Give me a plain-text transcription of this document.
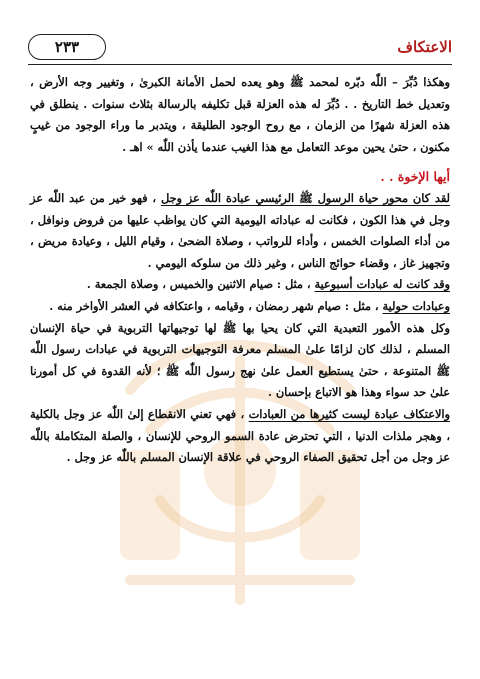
الاعتكاف
٢٣٣

وهكذا دُبِّرَ – اللّٰه دبّره لمحمد ﷺ وهو يعده لحمل الأمانة الكبرىٰ ، وتغيير وجه الأرض ، وتعديل خط التاريخ . . دُبِّرَ له هذه العزلة قبل تكليفه بالرسالة بثلاث سنوات . ينطلق في هذه العزلة شهرًا من الزمان ، مع روح الوجود الطليقة ، ويتدبر ما وراء الوجود من غيبٍ مكنون ، حتىٰ يحين موعد التعامل مع هذا الغيب عندما يأذن اللّٰه » اهـ .

أيها الإخوة . .

لقد كان محور حياة الرسول ﷺ الرئيسي عبادة اللّٰه عز وجل ، فهو خير من عبد اللّٰه عز وجل في هذا الكون ، فكانت له عباداته اليومية التي كان يواظب عليها من فروض ونوافل ، من أداء الصلوات الخمس ، وأداء للرواتب ، وصلاة الضحىٰ ، وقيام الليل ، وعيادة مريض ، وتجهيز غاز ، وقضاء حوائج الناس ، وغير ذلك من سلوكه اليومي .

وقد كانت له عبادات أسبوعية ، مثل : صيام الاثنين والخميس ، وصلاة الجمعة .

وعبادات حولية ، مثل : صيام شهر رمضان ، وقيامه ، واعتكافه في العشر الأواخر منه .

وكل هذه الأمور التعبدية التي كان يحيا بها ﷺ لها توجيهاتها التربوية في حياة الإنسان المسلم ، لذلك كان لزامًا علىٰ المسلم معرفة التوجيهات التربوية في عبادات رسول اللّٰه ﷺ المتنوعة ، حتىٰ يستطيع العمل علىٰ نهج رسول اللّٰه ﷺ ؛ لأنه القدوة في كل أمورنا علىٰ حد سواء وهذا هو الاتباع بإحسان .

والاعتكاف عبادة ليست كثيرها من العبادات ، فهي تعني الانقطاع إلىٰ اللّٰه عز وجل بالكلية ، وهجر ملذات الدنيا ، التي تحترض عادة السمو الروحي للإنسان ، والصلة المتكاملة باللّٰه عز وجل من أجل تحقيق الصفاء الروحي في علاقة الإنسان المسلم باللّٰه عز وجل .
